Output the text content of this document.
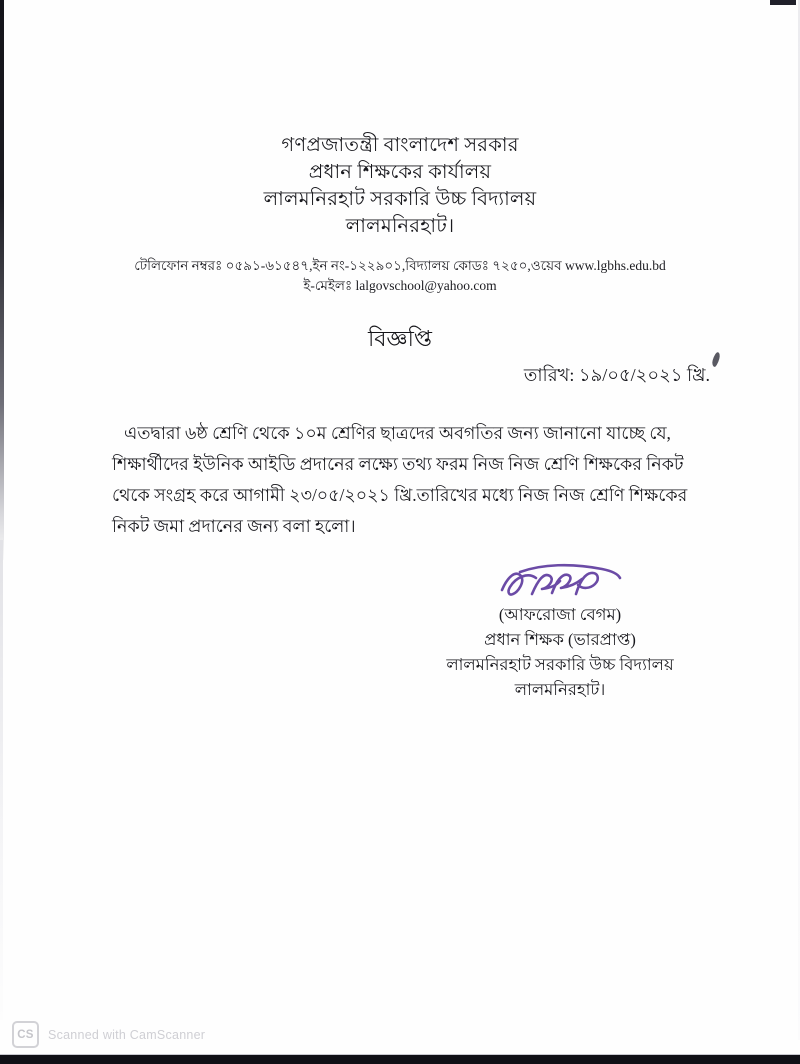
গণপ্রজাতন্ত্রী বাংলাদেশ সরকার
প্রধান শিক্ষকের কার্যালয়
লালমনিরহাট সরকারি উচ্চ বিদ্যালয়
লালমনিরহাট।
টেলিফোন নম্বরঃ ০৫৯১-৬১৫৪৭,ইন নং-১২২৯০১,বিদ্যালয় কোডঃ ৭২৫০,ওয়েব www.lgbhs.edu.bd
ই-মেইলঃ lalgovschool@yahoo.com
বিজ্ঞপ্তি
তারিখ: ১৯/০৫/২০২১ খ্রি.

এতদ্বারা ৬ষ্ঠ শ্রেণি থেকে ১০ম শ্রেণির ছাত্রদের অবগতির জন্য জানানো যাচ্ছে যে, শিক্ষার্থীদের ইউনিক আইডি প্রদানের লক্ষ্যে তথ্য ফরম নিজ নিজ শ্রেণি শিক্ষকের নিকট থেকে সংগ্রহ করে আগামী ২৩/০৫/২০২১ খ্রি.তারিখের মধ্যে নিজ নিজ শ্রেণি শিক্ষকের নিকট জমা প্রদানের জন্য বলা হলো।

(আফরোজা বেগম)
প্রধান শিক্ষক (ভারপ্রাপ্ত)
লালমনিরহাট সরকারি উচ্চ বিদ্যালয়
লালমনিরহাট।
CS	Scanned with CamScanner
